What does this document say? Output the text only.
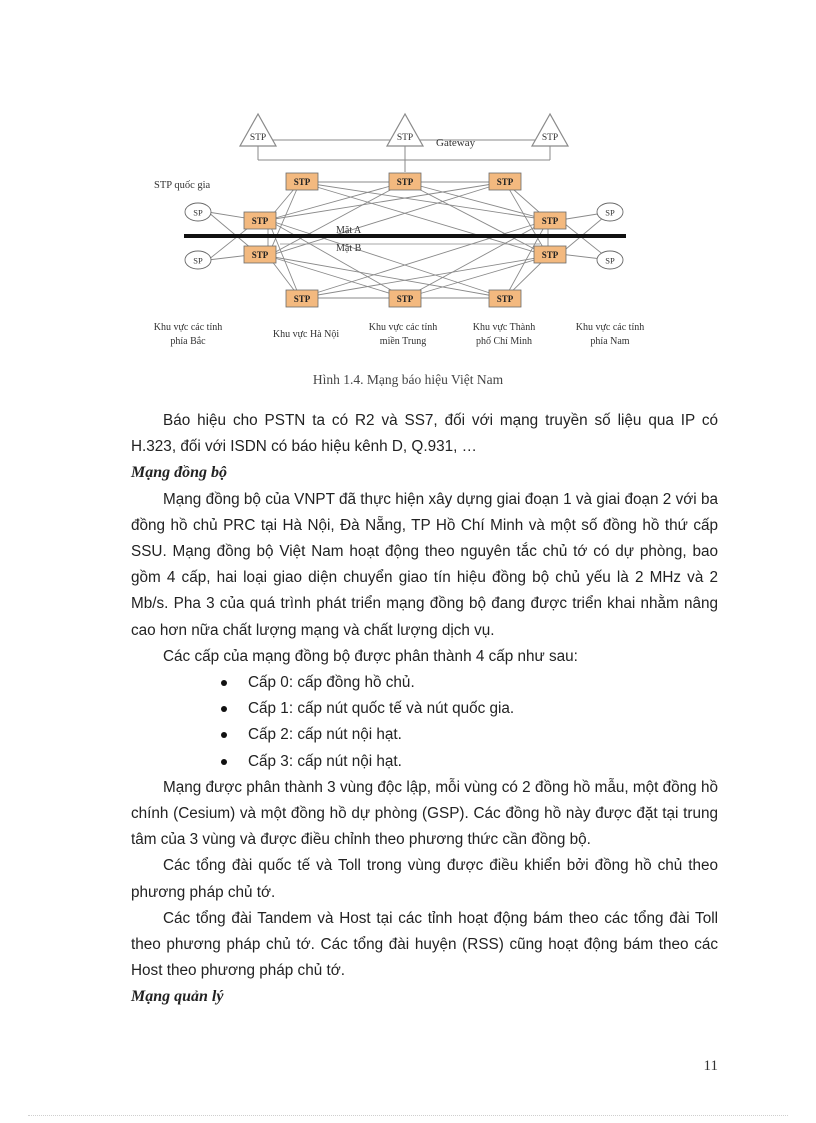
STP	STP	STP
Gateway
Mặt A
Mặt B
STP quốc gia	STP	STP	STP
STP
STP
STP
STP
STP	STP	STP
SP
SP
SP
SP
Khu vực các tỉnh
phía Bắc
Khu vực Hà Nội
Khu vực các tỉnh
miền Trung
Khu vực Thành
phố Chí Minh
Khu vực các tỉnh
phía Nam
Hình 1.4. Mạng báo hiệu Việt Nam

Báo hiệu cho PSTN ta có R2 và SS7, đối với mạng truyền số liệu qua IP có H.323, đối với ISDN có báo hiệu kênh D, Q.931, …

Mạng đồng bộ

Mạng đồng bộ của VNPT đã thực hiện xây dựng giai đoạn 1 và giai đoạn 2 với ba đồng hồ chủ PRC tại Hà Nội, Đà Nẵng, TP Hồ Chí Minh và một số đồng hồ thứ cấp SSU. Mạng đồng bộ Việt Nam hoạt động theo nguyên tắc chủ tớ có dự phòng, bao gồm 4 cấp, hai loại giao diện chuyển giao tín hiệu đồng bộ chủ yếu là 2 MHz và 2 Mb/s. Pha 3 của quá trình phát triển mạng đồng bộ đang được triển khai nhằm nâng cao hơn nữa chất lượng mạng và chất lượng dịch vụ.

Các cấp của mạng đồng bộ được phân thành 4 cấp như sau:

Cấp 0: cấp đồng hồ chủ.
Cấp 1: cấp nút quốc tế và nút quốc gia.
Cấp 2: cấp nút nội hạt.
Cấp 3: cấp nút nội hạt.

Mạng được phân thành 3 vùng độc lập, mỗi vùng có 2 đồng hồ mẫu, một đồng hồ chính (Cesium) và một đồng hồ dự phòng (GSP). Các đồng hồ này được đặt tại trung tâm của 3 vùng và được điều chỉnh theo phương thức cần đồng bộ.

Các tổng đài quốc tế và Toll trong vùng được điều khiển bởi đồng hồ chủ theo phương pháp chủ tớ.

Các tổng đài Tandem và Host tại các tỉnh hoạt động bám theo các tổng đài Toll theo phương pháp chủ tớ. Các tổng đài huyện (RSS) cũng hoạt động bám theo các Host theo phương pháp chủ tớ.

Mạng quản lý

11
